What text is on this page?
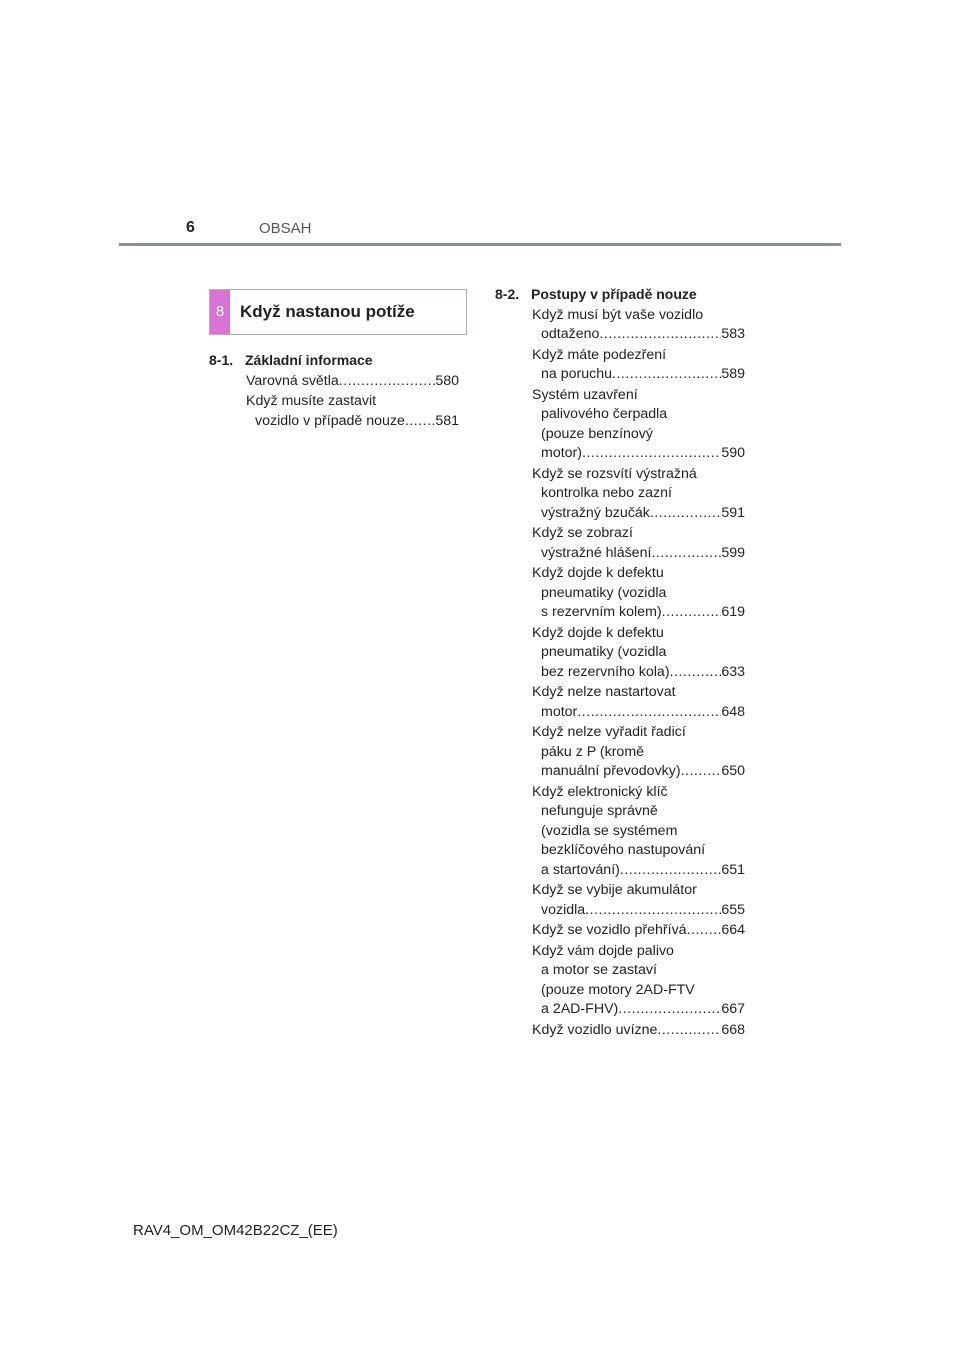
6	OBSAH
8 Když nastanou potíže
8-1. Základní informace
Varovná světla .....	580
Když musíte zastavit
vozidlo v případě nouze ..... 581
8-2. Postupy v případě nouze
Když musí být vaše vozidlo
odtaženo .....	583
Když máte podezření
na poruchu .....	589
Systém uzavření
palivového čerpadla
(pouze benzínový
motor) .....	590
Když se rozsvítí výstražná
kontrolka nebo zazní
výstražný bzučák .....	591
Když se zobrazí
výstražné hlášení .....	599
Když dojde k defektu
pneumatiky (vozidla
s rezervním kolem) .....	619
Když dojde k defektu
pneumatiky (vozidla
bez rezervního kola) .....	633
Když nelze nastartovat
motor .....	648
Když nelze vyřadit řadicí
páku z P (kromě
manuální převodovky) .....	650
Když elektronický klíč
nefunguje správně
(vozidla se systémem
bezklíčového nastupování
a startování) .....	651
Když se vybije akumulátor
vozidla .....	655
Když se vozidlo přehřívá ..... 664
Když vám dojde palivo
a motor se zastaví
(pouze motory 2AD-FTV
a 2AD-FHV) .....	667
Když vozidlo uvízne .....	668
RAV4_OM_OM42B22CZ_(EE)
